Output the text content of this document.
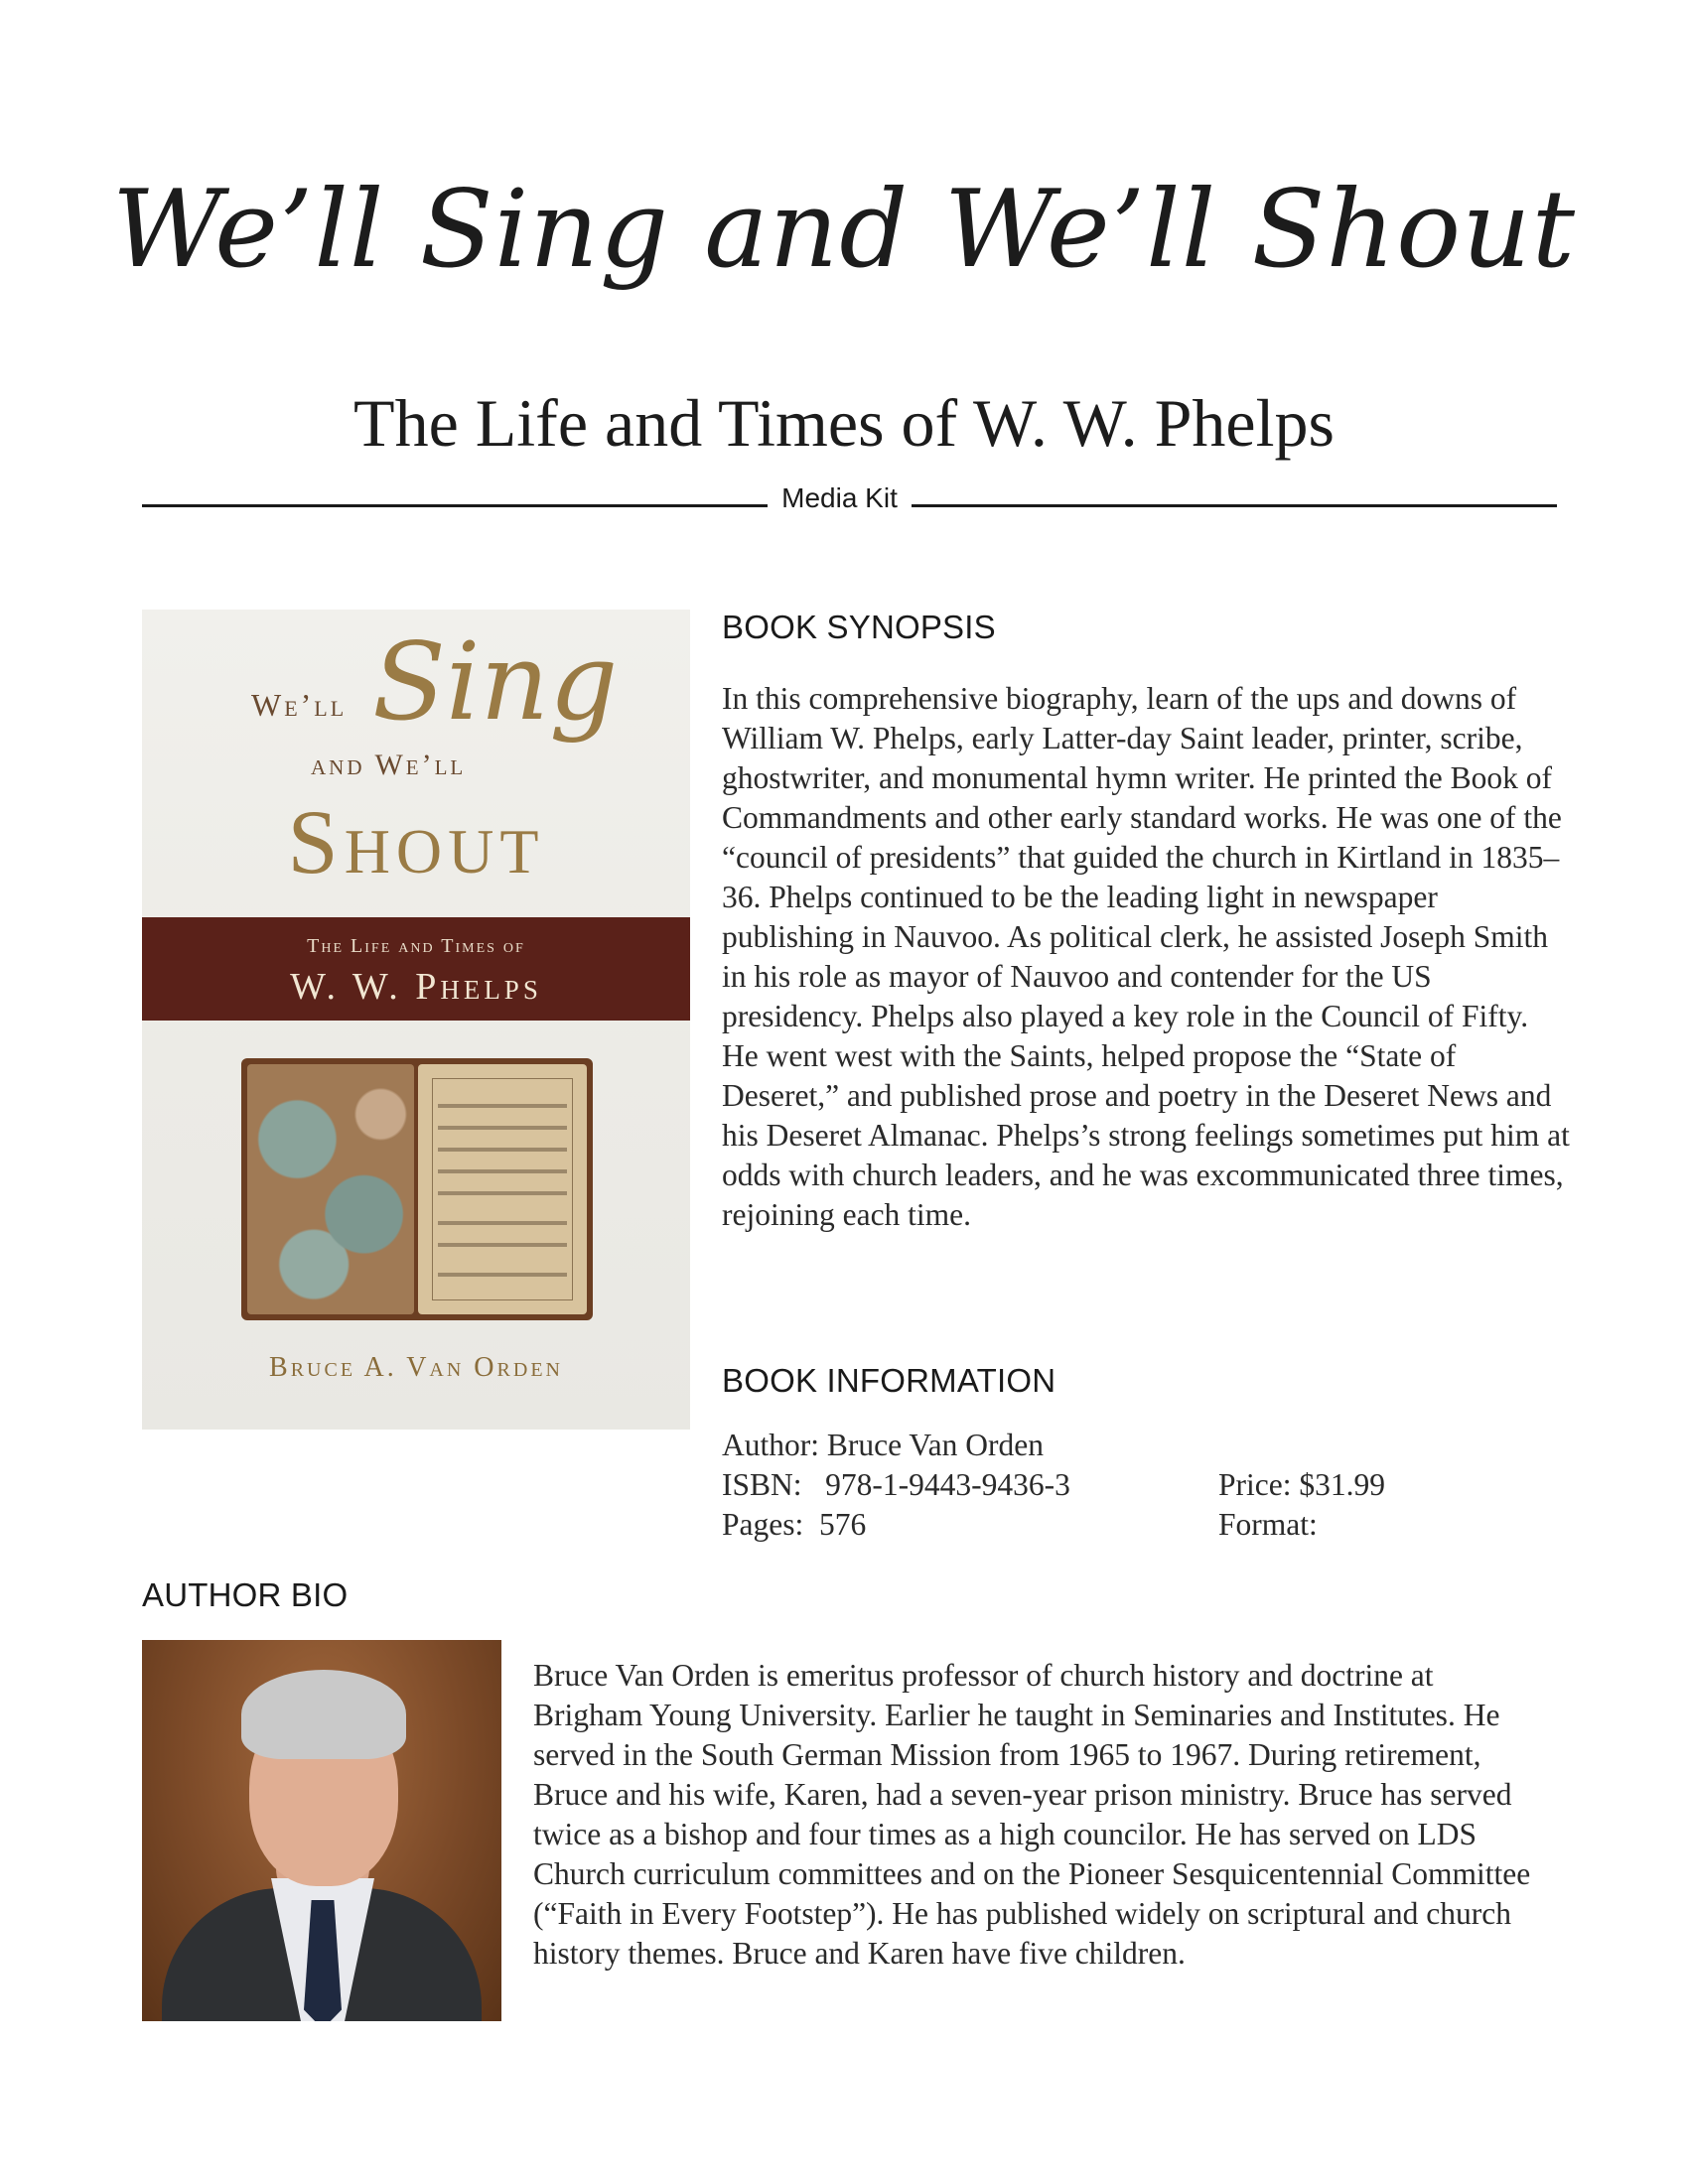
We’ll Sing and We’ll Shout
The Life and Times of W. W. Phelps
Media Kit
We’ll Sing
and We’ll
Shout
The Life and Times of
W. W. Phelps
Bruce A. Van Orden
BOOK SYNOPSIS
In this comprehensive biography, learn of the ups and downs of William W. Phelps, early Latter-day Saint leader, printer, scribe, ghostwriter, and monumental hymn writer. He printed the Book of Commandments and other early standard works. He was one of the “council of presidents” that guided the church in Kirtland in 1835–36. Phelps continued to be the leading light in newspaper publishing in Nauvoo. As political clerk, he assisted Joseph Smith in his role as mayor of Nauvoo and contender for the US presidency. Phelps also played a key role in the Council of Fifty. He went west with the Saints, helped propose the “State of Deseret,” and published prose and poetry in the Deseret News and his Deseret Almanac. Phelps’s strong feelings sometimes put him at odds with church leaders, and he was excommunicated three times, rejoining each time.
BOOK INFORMATION
Author: Bruce Van Orden
ISBN:   978-1-9443-9436-3
Pages:  576
Price: $31.99
Format:
AUTHOR BIO
Bruce Van Orden is emeritus professor of church history and doctrine at Brigham Young University. Earlier he taught in Seminaries and Institutes. He served in the South German Mission from 1965 to 1967. During retirement, Bruce and his wife, Karen, had a seven-year prison ministry. Bruce has served twice as a bishop and four times as a high councilor. He has served on LDS Church curriculum committees and on the Pioneer Sesquicentennial Committee (“Faith in Every Footstep”). He has published widely on scriptural and church history themes. Bruce and Karen have five children.
